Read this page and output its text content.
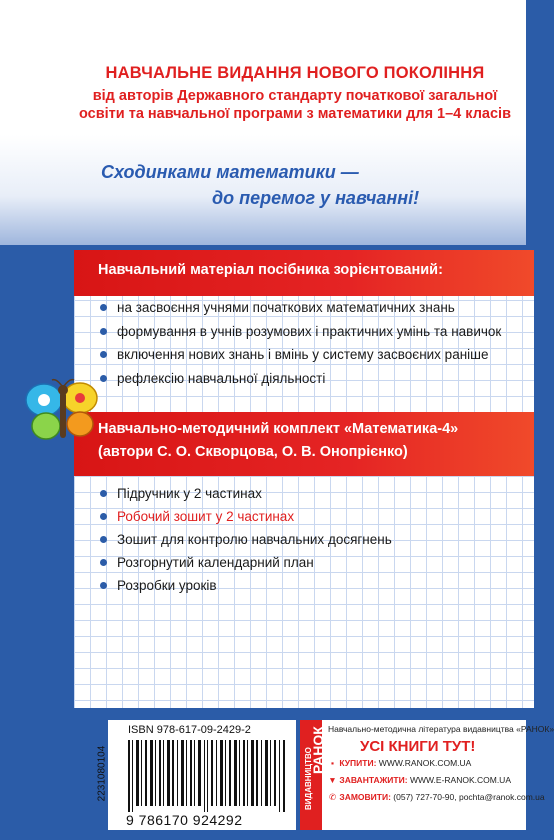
НАВЧАЛЬНЕ ВИДАННЯ НОВОГО ПОКОЛІННЯ
від авторів Державного стандарту початкової загальної
освіти та навчальної програми з математики для 1–4 класів
Сходинками математики —
до перемог у навчанні!
Навчальний матеріал посібника зорієнтований:
на засвоєння учнями початкових математичних знань
формування в учнів розумових і практичних умінь та навичок
включення нових знань і вмінь у систему засвоєних раніше
рефлексію навчальної діяльності
Навчально-методичний комплект «Математика-4»
(автори С. О. Скворцова, О. В. Онопрієнко)
Підручник у 2 частинах
Робочий зошит у 2 частинах
Зошит для контролю навчальних досягнень
Розгорнутий календарний план
Розробки уроків
ISBN 978-617-09-2429-2
9 786170 924292
2231080104	ВИДАВНИЦТВО
РАНОК Навчально-методична література видавництва «РАНОК»
УСІ КНИГИ ТУТ!
▪ КУПИТИ: WWW.RANOK.COM.UA
▼ ЗАВАНТАЖИТИ: WWW.E-RANOK.COM.UA
✆ ЗАМОВИТИ: (057) 727-70-90, pochta@ranok.com.ua
